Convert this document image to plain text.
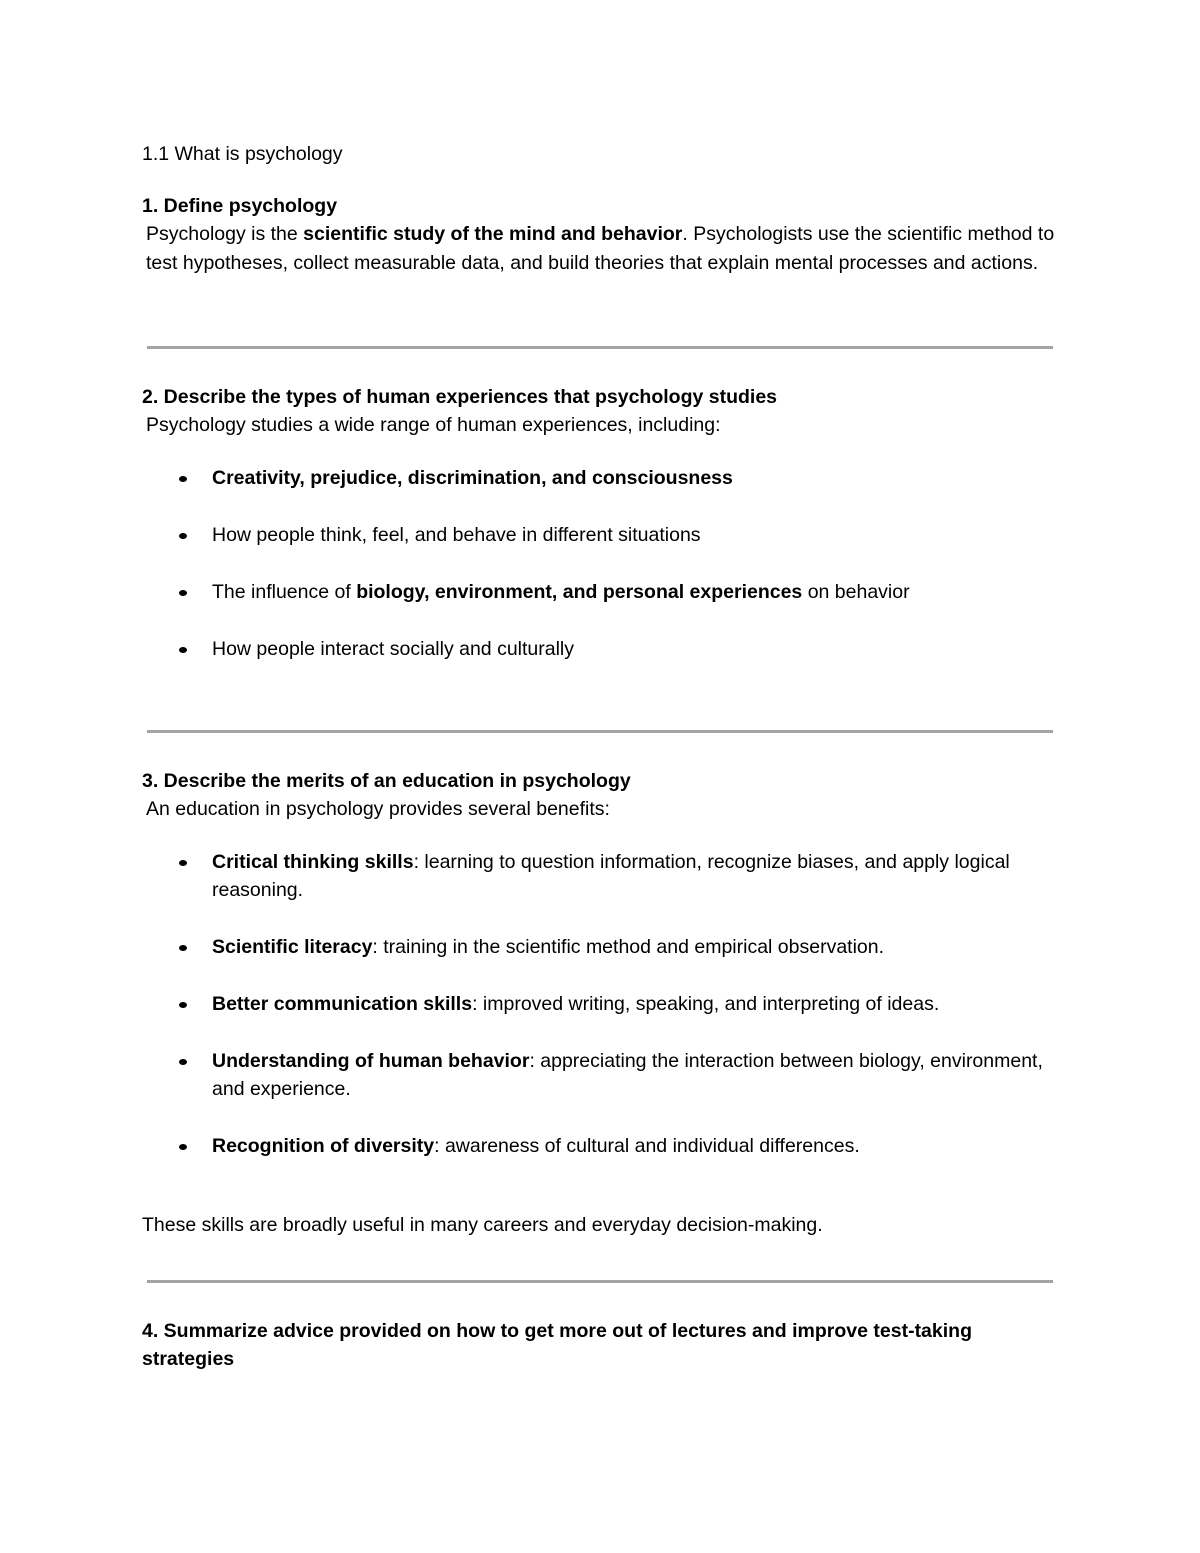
1.1 What is psychology
1. Define psychology

Psychology is the scientific study of the mind and behavior. Psychologists use the scientific method to test hypotheses, collect measurable data, and build theories that explain mental processes and actions.

2. Describe the types of human experiences that psychology studies

Psychology studies a wide range of human experiences, including:

Creativity, prejudice, discrimination, and consciousness
How people think, feel, and behave in different situations
The influence of biology, environment, and personal experiences on behavior
How people interact socially and culturally
3. Describe the merits of an education in psychology

An education in psychology provides several benefits:

Critical thinking skills: learning to question information, recognize biases, and apply logical reasoning.
Scientific literacy: training in the scientific method and empirical observation.
Better communication skills: improved writing, speaking, and interpreting of ideas.
Understanding of human behavior: appreciating the interaction between biology, environment, and experience.
Recognition of diversity: awareness of cultural and individual differences.

These skills are broadly useful in many careers and everyday decision-making.

4. Summarize advice provided on how to get more out of lectures and improve test-taking strategies
